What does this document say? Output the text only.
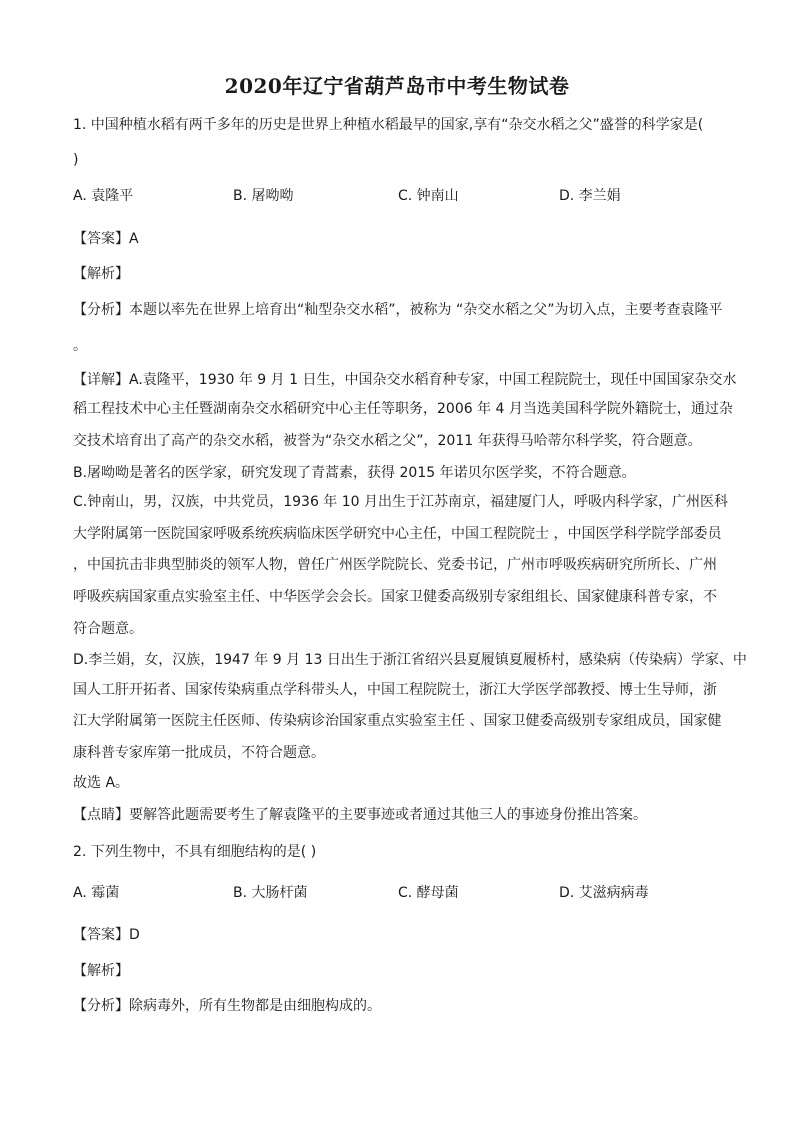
2020年辽宁省葫芦岛市中考生物试卷
1. 中国种植水稻有两千多年的历史是世界上种植水稻最早的国家,享有“杂交水稻之父”盛誉的科学家是(
)
A. 袁隆平	B. 屠呦呦	C. 钟南山	D. 李兰娟
【答案】A
【解析】
【分析】本题以率先在世界上培育出“籼型杂交水稻”，被称为 “杂交水稻之父”为切入点，主要考查袁隆平
。
【详解】A.袁隆平，1930 年 9 月 1 日生，中国杂交水稻育种专家，中国工程院院士，现任中国国家杂交水
稻工程技术中心主任暨湖南杂交水稻研究中心主任等职务，2006 年 4 月当选美国科学院外籍院士，通过杂
交技术培育出了高产的杂交水稻，被誉为“杂交水稻之父”，2011 年获得马哈蒂尔科学奖，符合题意。
B.屠呦呦是著名的医学家，研究发现了青蒿素，获得 2015 年诺贝尔医学奖，不符合题意。
C.钟南山，男，汉族，中共党员，1936 年 10 月出生于江苏南京，福建厦门人，呼吸内科学家，广州医科
大学附属第一医院国家呼吸系统疾病临床医学研究中心主任，中国工程院院士 ，中国医学科学院学部委员
，中国抗击非典型肺炎的领军人物，曾任广州医学院院长、党委书记，广州市呼吸疾病研究所所长、广州
呼吸疾病国家重点实验室主任、中华医学会会长。国家卫健委高级别专家组组长、国家健康科普专家，不
符合题意。
D.李兰娟，女，汉族，1947 年 9 月 13 日出生于浙江省绍兴县夏履镇夏履桥村，感染病（传染病）学家、中
国人工肝开拓者、国家传染病重点学科带头人，中国工程院院士，浙江大学医学部教授、博士生导师，浙
江大学附属第一医院主任医师、传染病诊治国家重点实验室主任 、国家卫健委高级别专家组成员，国家健
康科普专家库第一批成员，不符合题意。
故选 A。
【点睛】要解答此题需要考生了解袁隆平的主要事迹或者通过其他三人的事迹身份推出答案。
2. 下列生物中，不具有细胞结构的是( )
A. 霉菌	B. 大肠杆菌	C. 酵母菌	D. 艾滋病病毒
【答案】D
【解析】
【分析】除病毒外，所有生物都是由细胞构成的。
